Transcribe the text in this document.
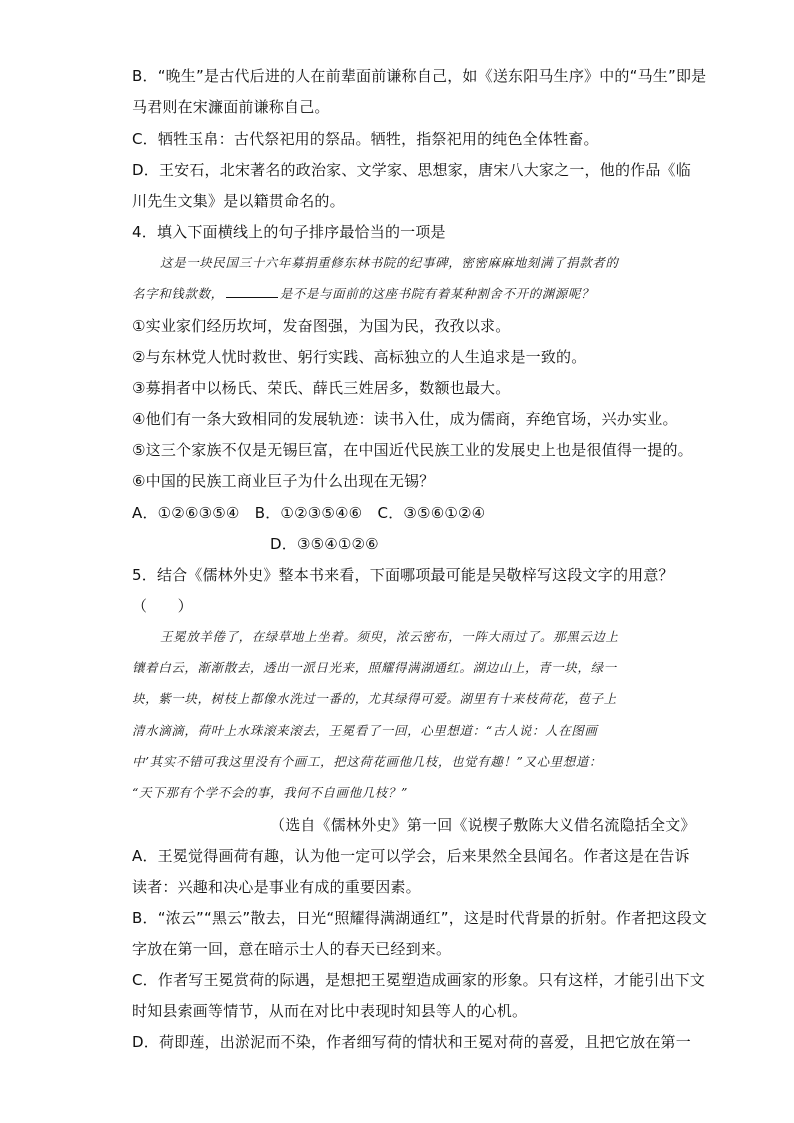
B．“晚生”是古代后进的人在前辈面前谦称自己，如《送东阳马生序》中的“马生”即是
马君则在宋濂面前谦称自己。
C．牺牲玉帛：古代祭祀用的祭品。牺牲，指祭祀用的纯色全体牲畜。
D．王安石，北宋著名的政治家、文学家、思想家，唐宋八大家之一，他的作品《临
川先生文集》是以籍贯命名的。
4．填入下面横线上的句子排序最恰当的一项是
这是一块民国三十六年募捐重修东林书院的纪事碑，密密麻麻地刻满了捐款者的
名字和钱款数，	是不是与面前的这座书院有着某种割舍不开的渊源呢？
①实业家们经历坎坷，发奋图强，为国为民，孜孜以求。
②与东林党人忧时救世、躬行实践、高标独立的人生追求是一致的。
③募捐者中以杨氏、荣氏、薛氏三姓居多，数额也最大。
④他们有一条大致相同的发展轨迹：读书入仕，成为儒商，弃绝官场，兴办实业。
⑤这三个家族不仅是无锡巨富，在中国近代民族工业的发展史上也是很值得一提的。
⑥中国的民族工商业巨子为什么出现在无锡？
A．①②⑥③⑤④　B．①②③⑤④⑥　C．③⑤⑥①②④
D．③⑤④①②⑥
5．结合《儒林外史》整本书来看，下面哪项最可能是吴敬梓写这段文字的用意？
（　　）
王冕放羊倦了，在绿草地上坐着。须臾，浓云密布，一阵大雨过了。那黑云边上
镶着白云，渐渐散去，透出一派日光来，照耀得满湖通红。湖边山上，青一块，绿一
块，紫一块，树枝上都像水洗过一番的，尤其绿得可爱。湖里有十来枝荷花，苞子上
清水滴滴，荷叶上水珠滚来滚去，王冕看了一回，心里想道：“古人说：人在图画
中’其实不错可我这里没有个画工，把这荷花画他几枝，也觉有趣！”又心里想道：
“天下那有个学不会的事，我何不自画他几枝？”
（选自《儒林外史》第一回《说楔子敷陈大义借名流隐括全文》
A．王冕觉得画荷有趣，认为他一定可以学会，后来果然全县闻名。作者这是在告诉
读者：兴趣和决心是事业有成的重要因素。
B．“浓云”“黑云”散去，日光“照耀得满湖通红”，这是时代背景的折射。作者把这段文
字放在第一回，意在暗示士人的春天已经到来。
C．作者写王冕赏荷的际遇，是想把王冕塑造成画家的形象。只有这样，才能引出下文
时知县索画等情节，从而在对比中表现时知县等人的心机。
D．荷即莲，出淤泥而不染，作者细写荷的情状和王冕对荷的喜爱，且把它放在第一
